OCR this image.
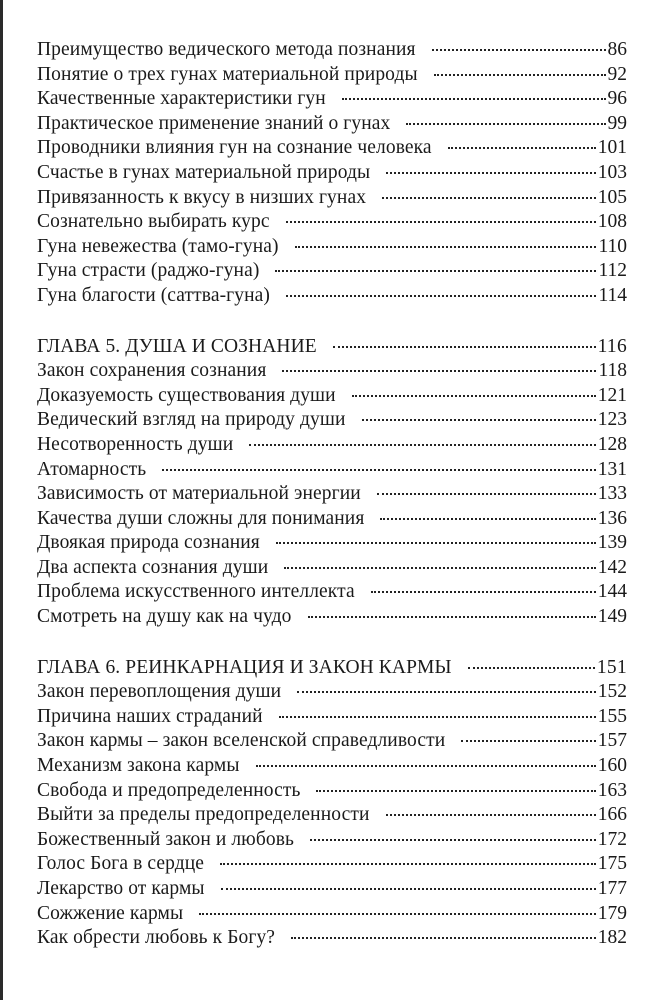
Преимущество ведического метода познания	86
Понятие о трех гунах материальной природы	92
Качественные характеристики гун	96
Практическое применение знаний о гунах	99
Проводники влияния гун на сознание человека	101
Счастье в гунах материальной природы	103
Привязанность к вкусу в низших гунах	105
Сознательно выбирать курс	108
Гуна невежества (тамо-гуна)	110
Гуна страсти (раджо-гуна)	112
Гуна благости (саттва-гуна)	114
ГЛАВА 5. ДУША И СОЗНАНИЕ	116
Закон сохранения сознания	118
Доказуемость существования души	121
Ведический взгляд на природу души	123
Несотворенность души	128
Атомарность	131
Зависимость от материальной энергии	133
Качества души сложны для понимания	136
Двоякая природа сознания	139
Два аспекта сознания души	142
Проблема искусственного интеллекта	144
Смотреть на душу как на чудо	149
ГЛАВА 6. РЕИНКАРНАЦИЯ И ЗАКОН КАРМЫ	151
Закон перевоплощения души	152
Причина наших страданий	155
Закон кармы – закон вселенской справедливости	157
Механизм закона кармы	160
Свобода и предопределенность	163
Выйти за пределы предопределенности	166
Божественный закон и любовь	172
Голос Бога в сердце	175
Лекарство от кармы	177
Сожжение кармы	179
Как обрести любовь к Богу?	182
